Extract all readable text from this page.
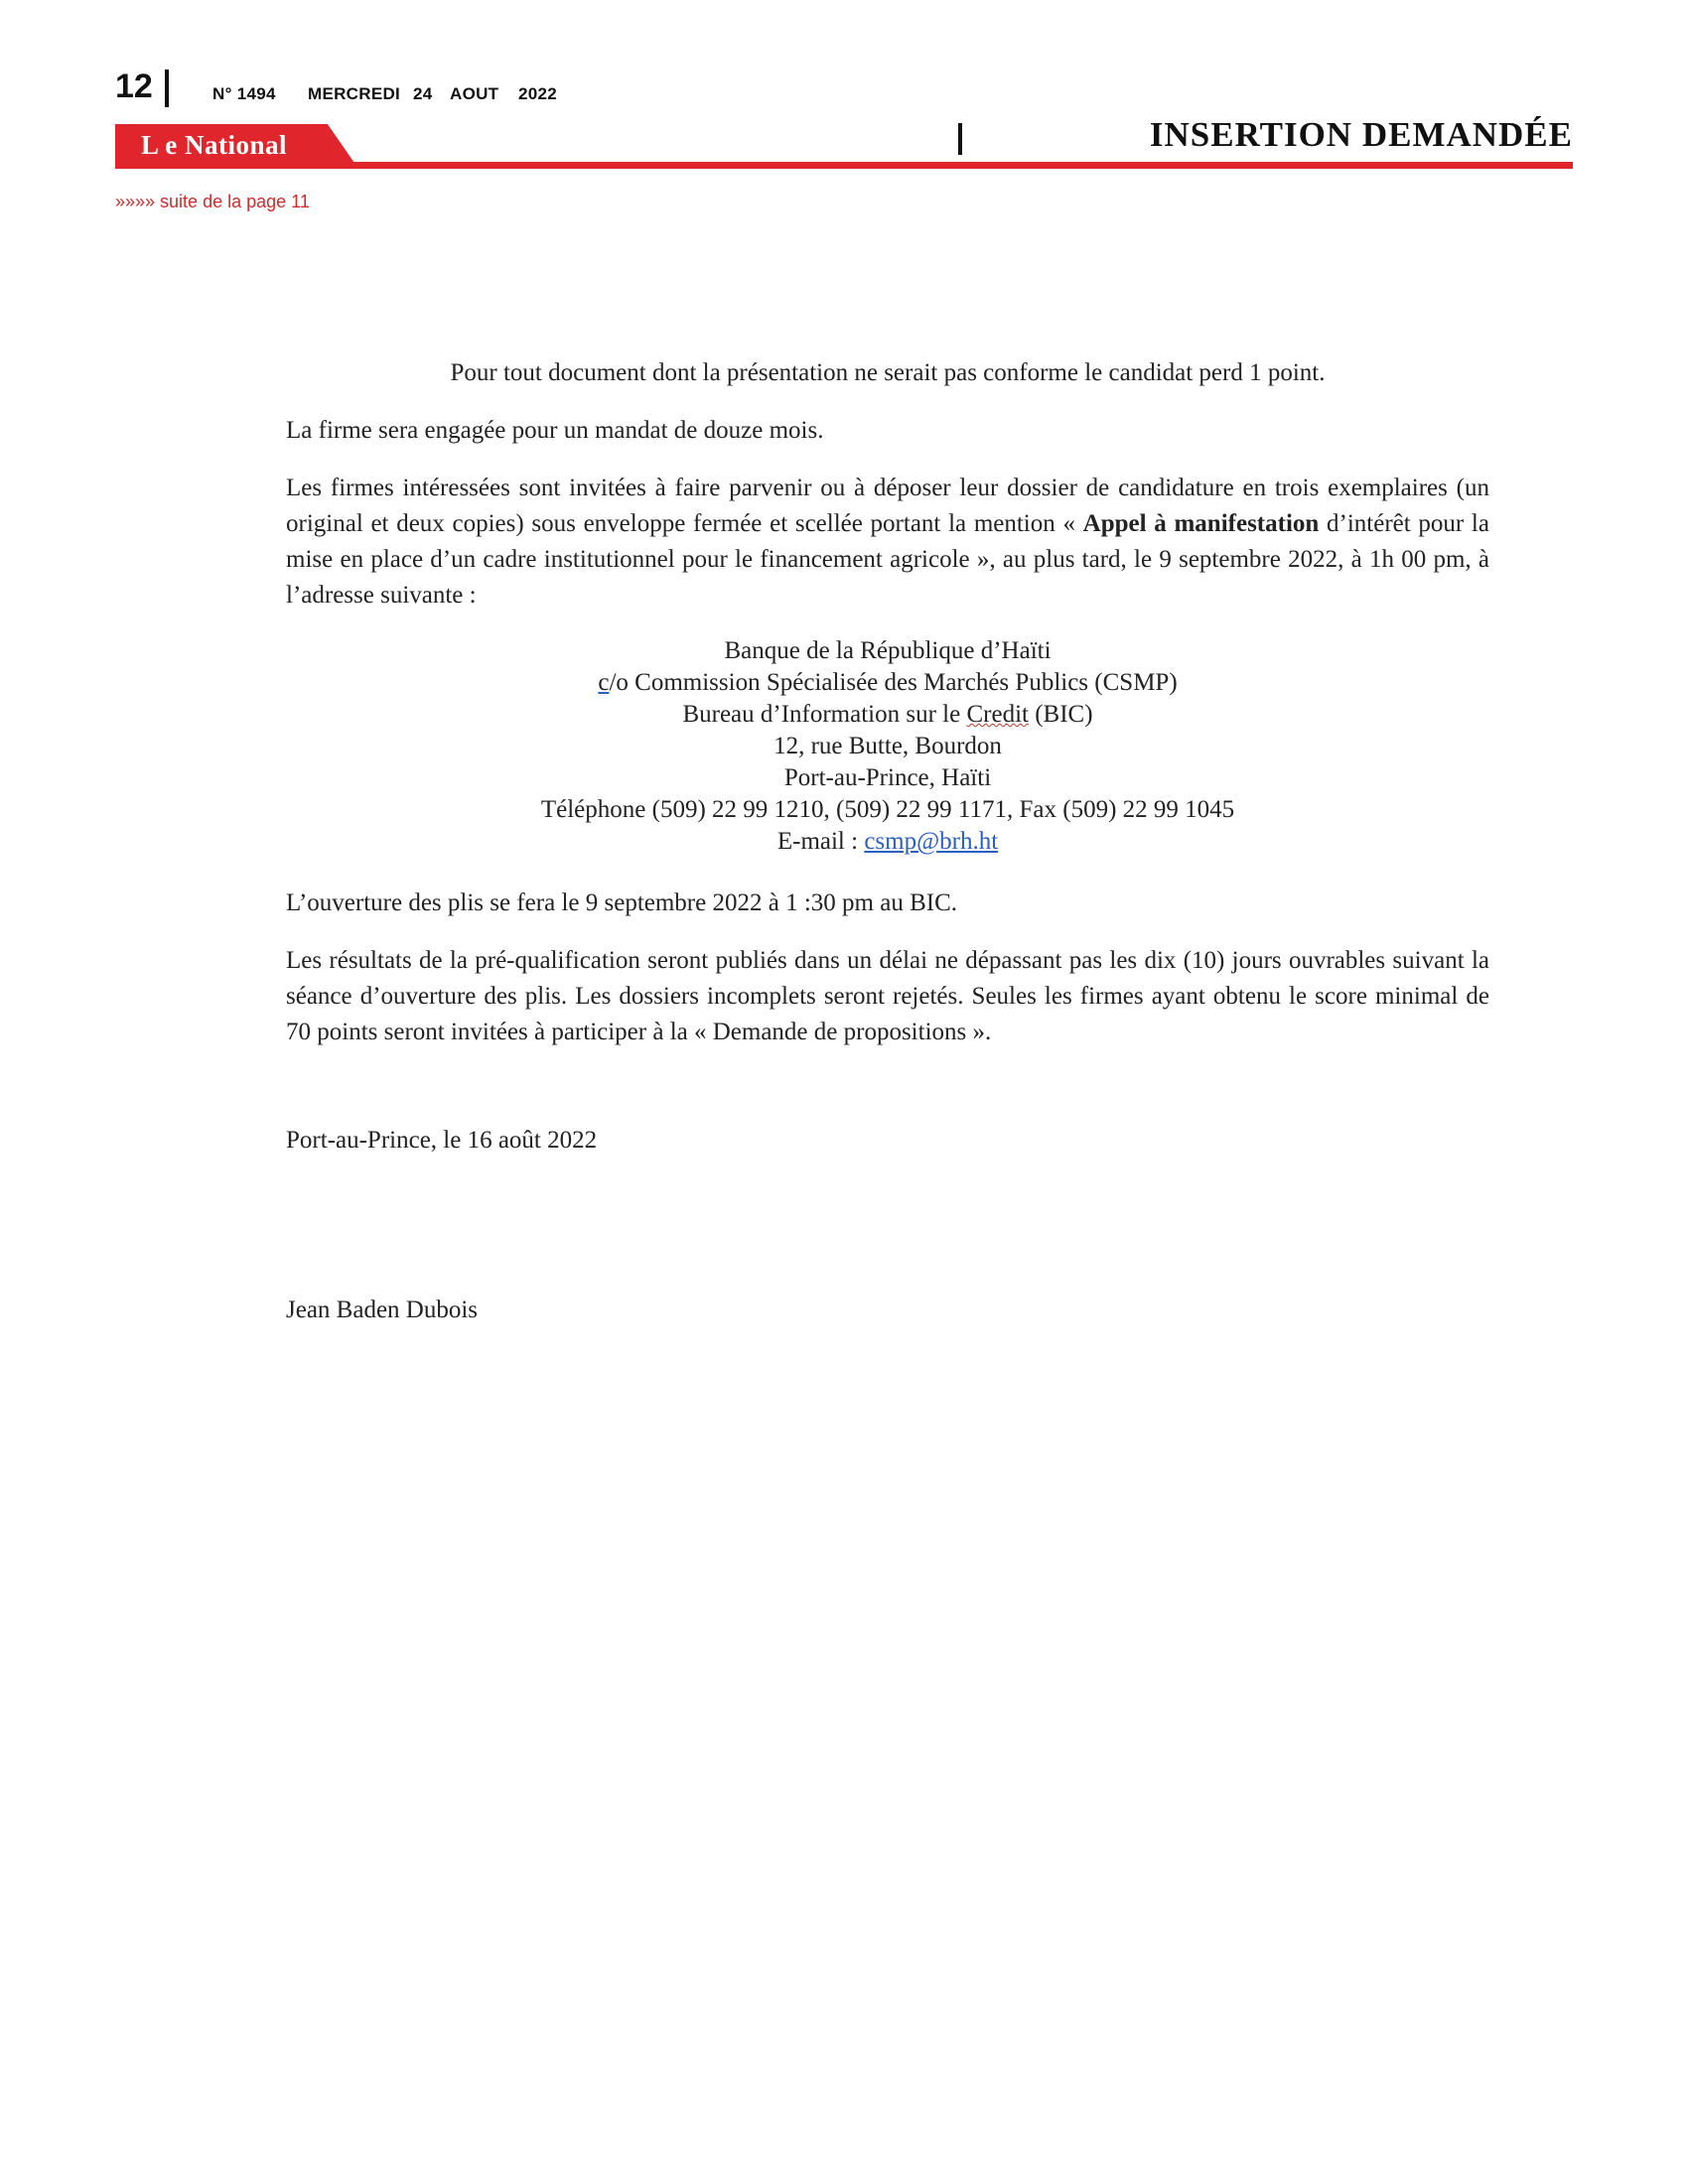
12	N° 1494 MERCREDI 24 AOUT 2022
L e National	INSERTION DEMANDÉE
»»»» suite de la page 11

Pour tout document dont la présentation ne serait pas conforme le candidat perd 1 point.

La firme sera engagée pour un mandat de douze mois.

Les firmes intéressées sont invitées à faire parvenir ou à déposer leur dossier de candidature en trois exemplaires (un original et deux copies) sous enveloppe fermée et scellée portant la mention « Appel à manifestation d’intérêt pour la mise en place d’un cadre institutionnel pour le financement agricole », au plus tard, le 9 septembre 2022, à 1h 00 pm, à l’adresse suivante :

Banque de la République d’Haïti
c/o Commission Spécialisée des Marchés Publics (CSMP)
Bureau d’Information sur le Credit (BIC)
12, rue Butte, Bourdon
Port-au-Prince, Haïti
Téléphone (509) 22 99 1210, (509) 22 99 1171, Fax (509) 22 99 1045
E-mail : csmp@brh.ht

L’ouverture des plis se fera le 9 septembre 2022 à 1 :30 pm au BIC.

Les résultats de la pré-qualification seront publiés dans un délai ne dépassant pas les dix (10) jours ouvrables suivant la séance d’ouverture des plis. Les dossiers incomplets seront rejetés. Seules les firmes ayant obtenu le score minimal de 70 points seront invitées à participer à la « Demande de propositions ».

Port-au-Prince, le 16 août 2022
Jean Baden Dubois
